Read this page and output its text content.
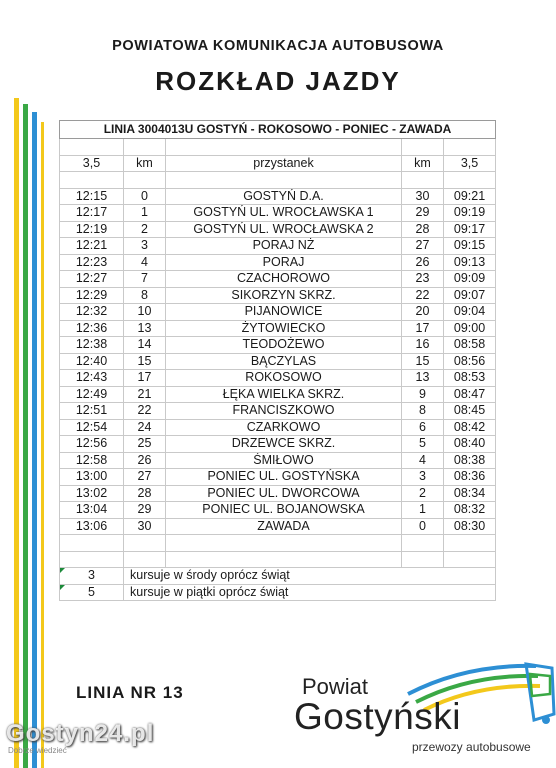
POWIATOWA KOMUNIKACJA AUTOBUSOWA
ROZKŁAD JAZDY
LINIA 3004013U GOSTYŃ - ROKOSOWO - PONIEC - ZAWADA				

3,5	km	przystanek	km	3,5

12:15	0	GOSTYŃ D.A.	30	09:21
12:17	1	GOSTYŃ UL. WROCŁAWSKA 1	29	09:19
12:19	2	GOSTYŃ UL. WROCŁAWSKA 2	28	09:17
12:21	3	PORAJ NŻ	27	09:15
12:23	4	PORAJ	26	09:13
12:27	7	CZACHOROWO	23	09:09
12:29	8	SIKORZYN SKRZ.	22	09:07
12:32	10	PIJANOWICE	20	09:04
12:36	13	ŻYTOWIECKO	17	09:00
12:38	14	TEODOŻEWO	16	08:58
12:40	15	BĄCZYLAS	15	08:56
12:43	17	ROKOSOWO	13	08:53
12:49	21	ŁĘKA WIELKA SKRZ.	9	08:47
12:51	22	FRANCISZKOWO	8	08:45
12:54	24	CZARKOWO	6	08:42
12:56	25	DRZEWCE SKRZ.	5	08:40
12:58	26	ŚMIŁOWO	4	08:38
13:00	27	PONIEC UL. GOSTYŃSKA	3	08:36
13:02	28	PONIEC UL. DWORCOWA	2	08:34
13:04	29	PONIEC UL. BOJANOWSKA	1	08:32
13:06	30	ZAWADA	0	08:30

3	kursuje w środy oprócz świąt			
5	kursuje w piątki oprócz świąt			
LINIA NR 13	Powiat
Gostyński
przewozy autobusowe
Gostyn24.pl
Dobrze wiedzieć
